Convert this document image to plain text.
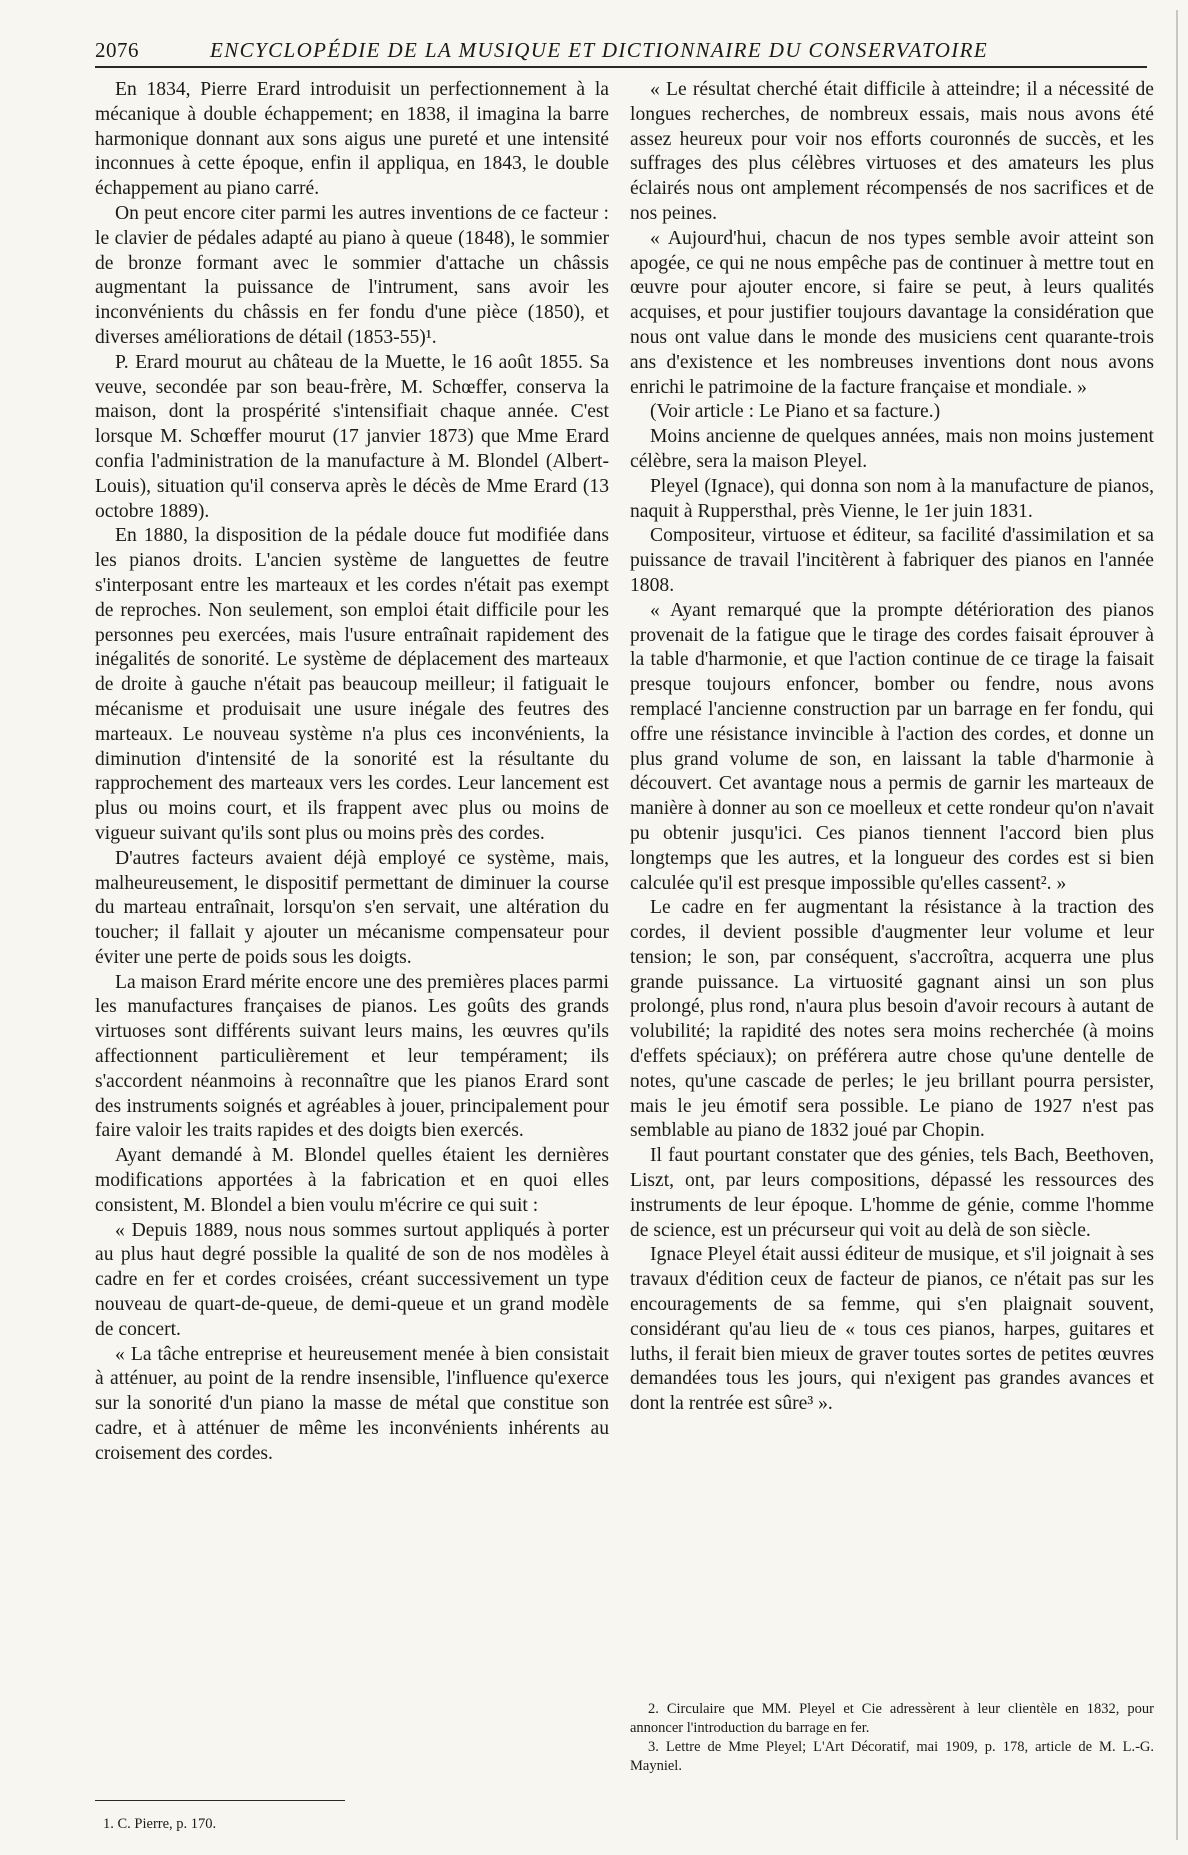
2076	ENCYCLOPÉDIE DE LA MUSIQUE ET DICTIONNAIRE DU CONSERVATOIRE

En 1834, Pierre Erard introduisit un perfectionnement à la mécanique à double échappement; en 1838, il imagina la barre harmonique donnant aux sons aigus une pureté et une intensité inconnues à cette époque, enfin il appliqua, en 1843, le double échappement au piano carré.

On peut encore citer parmi les autres inventions de ce facteur : le clavier de pédales adapté au piano à queue (1848), le sommier de bronze formant avec le sommier d'attache un châssis augmentant la puissance de l'intrument, sans avoir les inconvénients du châssis en fer fondu d'une pièce (1850), et diverses améliorations de détail (1853-55)¹.

P. Erard mourut au château de la Muette, le 16 août 1855. Sa veuve, secondée par son beau-frère, M. Schœffer, conserva la maison, dont la prospérité s'intensifiait chaque année. C'est lorsque M. Schœffer mourut (17 janvier 1873) que Mme Erard confia l'administration de la manufacture à M. Blondel (Albert-Louis), situation qu'il conserva après le décès de Mme Erard (13 octobre 1889).

En 1880, la disposition de la pédale douce fut modifiée dans les pianos droits. L'ancien système de languettes de feutre s'interposant entre les marteaux et les cordes n'était pas exempt de reproches. Non seulement, son emploi était difficile pour les personnes peu exercées, mais l'usure entraînait rapidement des inégalités de sonorité. Le système de déplacement des marteaux de droite à gauche n'était pas beaucoup meilleur; il fatiguait le mécanisme et produisait une usure inégale des feutres des marteaux. Le nouveau système n'a plus ces inconvénients, la diminution d'intensité de la sonorité est la résultante du rapprochement des marteaux vers les cordes. Leur lancement est plus ou moins court, et ils frappent avec plus ou moins de vigueur suivant qu'ils sont plus ou moins près des cordes.

D'autres facteurs avaient déjà employé ce système, mais, malheureusement, le dispositif permettant de diminuer la course du marteau entraînait, lorsqu'on s'en servait, une altération du toucher; il fallait y ajouter un mécanisme compensateur pour éviter une perte de poids sous les doigts.

La maison Erard mérite encore une des premières places parmi les manufactures françaises de pianos. Les goûts des grands virtuoses sont différents suivant leurs mains, les œuvres qu'ils affectionnent particulièrement et leur tempérament; ils s'accordent néanmoins à reconnaître que les pianos Erard sont des instruments soignés et agréables à jouer, principalement pour faire valoir les traits rapides et des doigts bien exercés.

Ayant demandé à M. Blondel quelles étaient les dernières modifications apportées à la fabrication et en quoi elles consistent, M. Blondel a bien voulu m'écrire ce qui suit :

« Depuis 1889, nous nous sommes surtout appliqués à porter au plus haut degré possible la qualité de son de nos modèles à cadre en fer et cordes croisées, créant successivement un type nouveau de quart-de-queue, de demi-queue et un grand modèle de concert.

« La tâche entreprise et heureusement menée à bien consistait à atténuer, au point de la rendre insensible, l'influence qu'exerce sur la sonorité d'un piano la masse de métal que constitue son cadre, et à atténuer de même les inconvénients inhérents au croisement des cordes.

« Le résultat cherché était difficile à atteindre; il a nécessité de longues recherches, de nombreux essais, mais nous avons été assez heureux pour voir nos efforts couronnés de succès, et les suffrages des plus célèbres virtuoses et des amateurs les plus éclairés nous ont amplement récompensés de nos sacrifices et de nos peines.

« Aujourd'hui, chacun de nos types semble avoir atteint son apogée, ce qui ne nous empêche pas de continuer à mettre tout en œuvre pour ajouter encore, si faire se peut, à leurs qualités acquises, et pour justifier toujours davantage la considération que nous ont value dans le monde des musiciens cent quarante-trois ans d'existence et les nombreuses inventions dont nous avons enrichi le patrimoine de la facture française et mondiale. »

(Voir article : Le Piano et sa facture.)

Moins ancienne de quelques années, mais non moins justement célèbre, sera la maison Pleyel.

Pleyel (Ignace), qui donna son nom à la manufacture de pianos, naquit à Ruppersthal, près Vienne, le 1er juin 1831.

Compositeur, virtuose et éditeur, sa facilité d'assimilation et sa puissance de travail l'incitèrent à fabriquer des pianos en l'année 1808.

« Ayant remarqué que la prompte détérioration des pianos provenait de la fatigue que le tirage des cordes faisait éprouver à la table d'harmonie, et que l'action continue de ce tirage la faisait presque toujours enfoncer, bomber ou fendre, nous avons remplacé l'ancienne construction par un barrage en fer fondu, qui offre une résistance invincible à l'action des cordes, et donne un plus grand volume de son, en laissant la table d'harmonie à découvert. Cet avantage nous a permis de garnir les marteaux de manière à donner au son ce moelleux et cette rondeur qu'on n'avait pu obtenir jusqu'ici. Ces pianos tiennent l'accord bien plus longtemps que les autres, et la longueur des cordes est si bien calculée qu'il est presque impossible qu'elles cassent². »

Le cadre en fer augmentant la résistance à la traction des cordes, il devient possible d'augmenter leur volume et leur tension; le son, par conséquent, s'accroîtra, acquerra une plus grande puissance. La virtuosité gagnant ainsi un son plus prolongé, plus rond, n'aura plus besoin d'avoir recours à autant de volubilité; la rapidité des notes sera moins recherchée (à moins d'effets spéciaux); on préférera autre chose qu'une dentelle de notes, qu'une cascade de perles; le jeu brillant pourra persister, mais le jeu émotif sera possible. Le piano de 1927 n'est pas semblable au piano de 1832 joué par Chopin.

Il faut pourtant constater que des génies, tels Bach, Beethoven, Liszt, ont, par leurs compositions, dépassé les ressources des instruments de leur époque. L'homme de génie, comme l'homme de science, est un précurseur qui voit au delà de son siècle.

Ignace Pleyel était aussi éditeur de musique, et s'il joignait à ses travaux d'édition ceux de facteur de pianos, ce n'était pas sur les encouragements de sa femme, qui s'en plaignait souvent, considérant qu'au lieu de « tous ces pianos, harpes, guitares et luths, il ferait bien mieux de graver toutes sortes de petites œuvres demandées tous les jours, qui n'exigent pas grandes avances et dont la rentrée est sûre³ ».

1. C. Pierre, p. 170.

2. Circulaire que MM. Pleyel et Cie adressèrent à leur clientèle en 1832, pour annoncer l'introduction du barrage en fer.

3. Lettre de Mme Pleyel; L'Art Décoratif, mai 1909, p. 178, article de M. L.-G. Mayniel.
